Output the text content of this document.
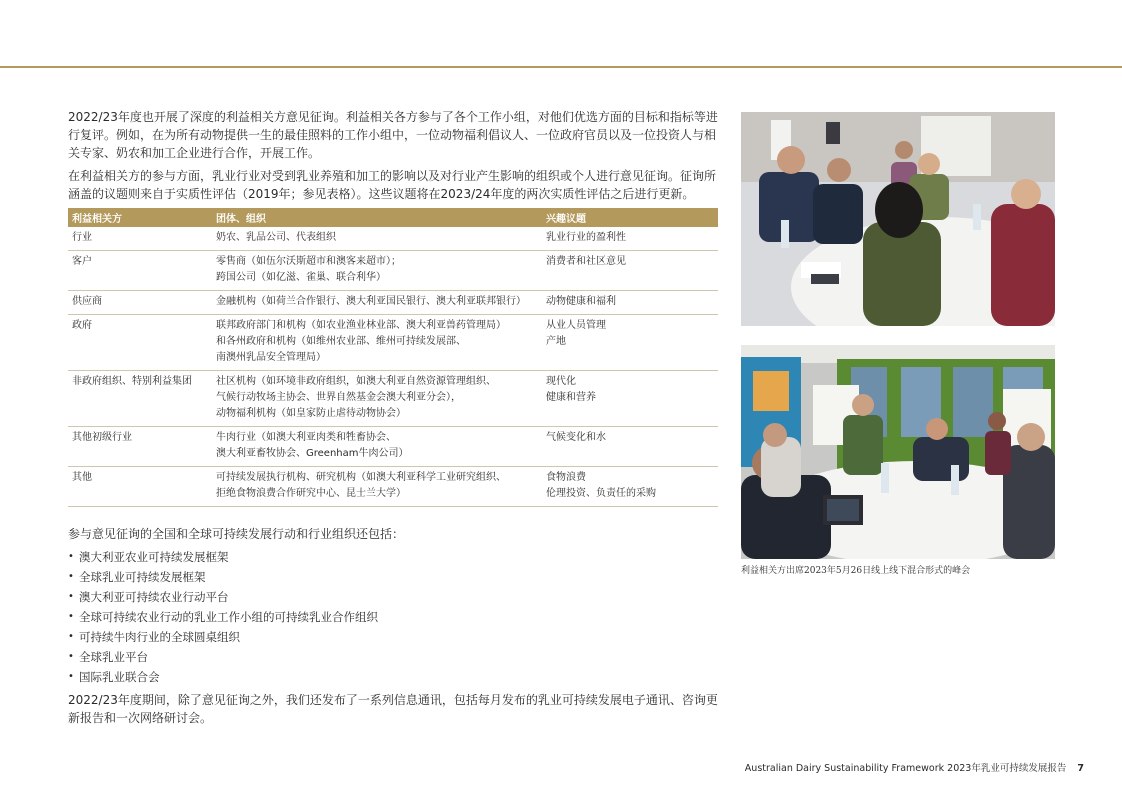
2022/23年度也开展了深度的利益相关方意见征询。利益相关各方参与了各个工作小组，对他们优选方面的目标和指标等进行复评。例如，在为所有动物提供一生的最佳照料的工作小组中，一位动物福利倡议人、一位政府官员以及一位投资人与相关专家、奶农和加工企业进行合作，开展工作。

在利益相关方的参与方面，乳业行业对受到乳业养殖和加工的影响以及对行业产生影响的组织或个人进行意见征询。征询所涵盖的议题则来自于实质性评估（2019年；参见表格）。这些议题将在2023/24年度的两次实质性评估之后进行更新。

利益相关方	团体、组织	兴趣议题
行业	奶农、乳品公司、代表组织	乳业行业的盈利性

客户	零售商（如伍尔沃斯超市和澳客来超市）；
跨国公司（如亿滋、雀巢、联合利华）	消费者和社区意见

供应商	金融机构（如荷兰合作银行、澳大利亚国民银行、澳大利亚联邦银行）	动物健康和福利

政府	联邦政府部门和机构（如农业渔业林业部、澳大利亚兽药管理局）
和各州政府和机构（如维州农业部、维州可持续发展部、
南澳州乳品安全管理局）	从业人员管理
产地

非政府组织、特别利益集团	社区机构（如环境非政府组织，如澳大利亚自然资源管理组织、
气候行动牧场主协会、世界自然基金会澳大利亚分会），
动物福利机构（如皇家防止虐待动物协会）	现代化
健康和营养

其他初级行业	牛肉行业（如澳大利亚肉类和牲畜协会、
澳大利亚畜牧协会、Greenham牛肉公司）	气候变化和水

其他	可持续发展执行机构、研究机构（如澳大利亚科学工业研究组织、
拒绝食物浪费合作研究中心、昆士兰大学）	食物浪费
伦理投资、负责任的采购

参与意见征询的全国和全球可持续发展行动和行业组织还包括：

• 澳大利亚农业可持续发展框架
• 全球乳业可持续发展框架
• 澳大利亚可持续农业行动平台
• 全球可持续农业行动的乳业工作小组的可持续乳业合作组织
• 可持续牛肉行业的全球圆桌组织
• 全球乳业平台
• 国际乳业联合会

2022/23年度期间，除了意见征询之外，我们还发布了一系列信息通讯，包括每月发布的乳业可持续发展电子通讯、咨询更新报告和一次网络研讨会。

利益相关方出席2023年5月26日线上线下混合形式的峰会
Australian Dairy Sustainability Framework 2023年乳业可持续发展报告 7
